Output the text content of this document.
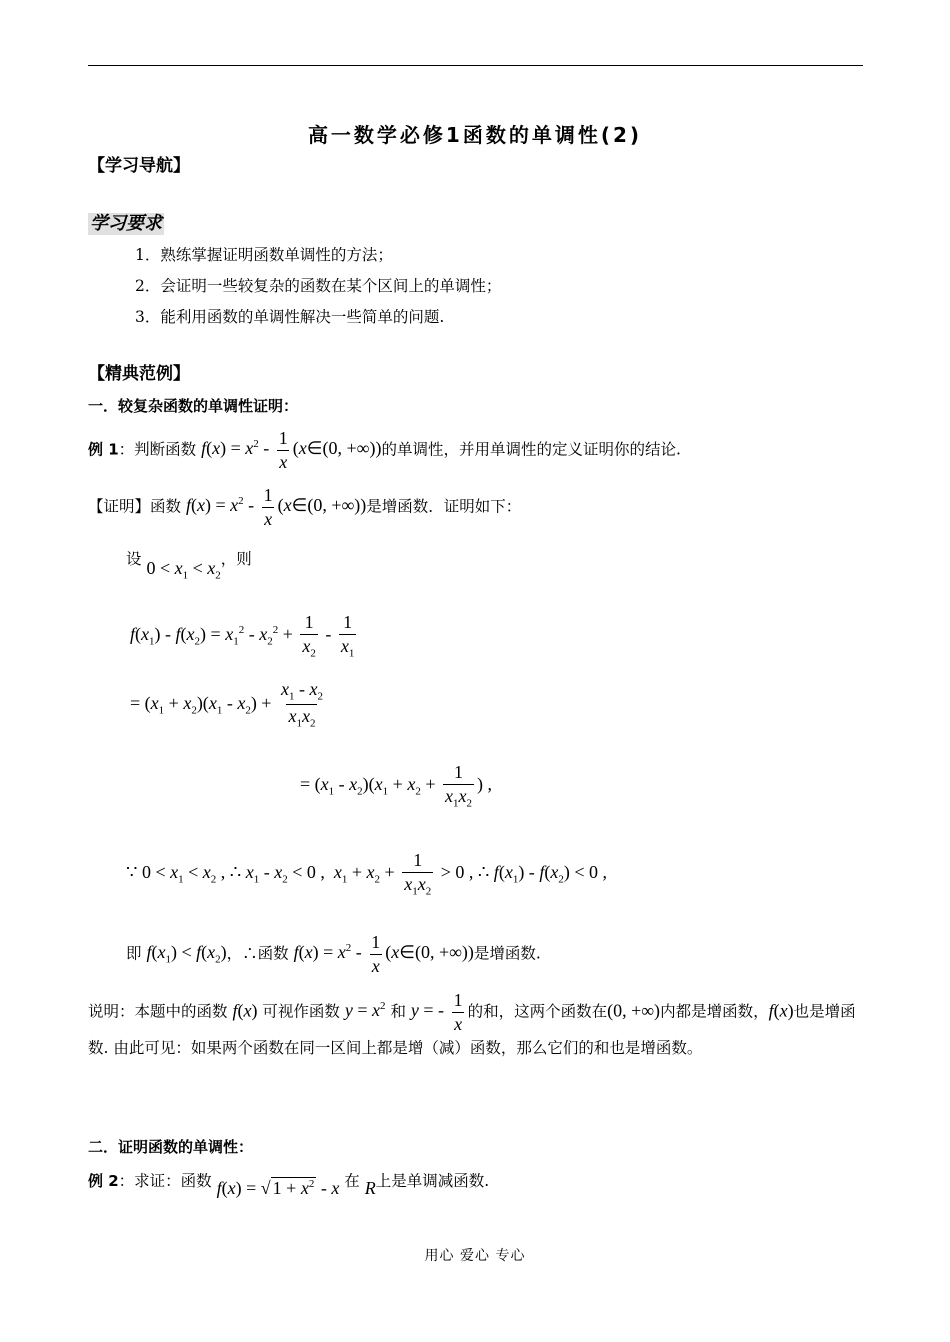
高一数学必修1函数的单调性(2)
【学习导航】
学习要求
1．熟练掌握证明函数单调性的方法；
2．会证明一些较复杂的函数在某个区间上的单调性；
3．能利用函数的单调性解决一些简单的问题.
【精典范例】
一．较复杂函数的单调性证明：
例 1：判断函数 $f(x) = x^2 - \frac{1}{x}$ (x∈(0, +∞))的单调性，并用单调性的定义证明你的结论.
【证明】函数 $f(x) = x^2 - \frac{1}{x}$ (x∈(0, +∞))是增函数．证明如下：
设 $0 < x_1 < x_2$，则
$f(x_1) - f(x_2) = x_1^2 - x_2^2 + \frac{1}{x_2} - \frac{1}{x_1}$
= $(x_1 + x_2)(x_1 - x_2) + \frac{x_1 - x_2}{x_1x_2}$
= $(x_1 - x_2)(x_1 + x_2 + \frac{1}{x_1x_2}$ ) ,
∵ $0 < x_1 < x_2$ , ∴ $x_1 - x_2 < 0$ ,  $x_1 + x_2 + \frac{1}{x_1x_2} > 0$ , ∴ $f(x_1) - f(x_2) < 0$ ,
即 $f(x_1) < f(x_2)$，∴函数 $f(x) = x^2 - \frac{1}{x}$ (x∈(0, +∞))是增函数.
说明：本题中的函数 f(x) 可视作函数 $y = x^2$ 和 y = - $\frac{1}{x}$ 的和，这两个函数在(0, +∞)内都是增函数，f(x)也是增函数. 由此可见：如果两个函数在同一区间上都是增（减）函数，那么它们的和也是增函数。
二．证明函数的单调性：
例 2：求证：函数 f(x) = √ $1 + x^2 - x$ 在 R上是单调减函数.
用心 爱心 专心
